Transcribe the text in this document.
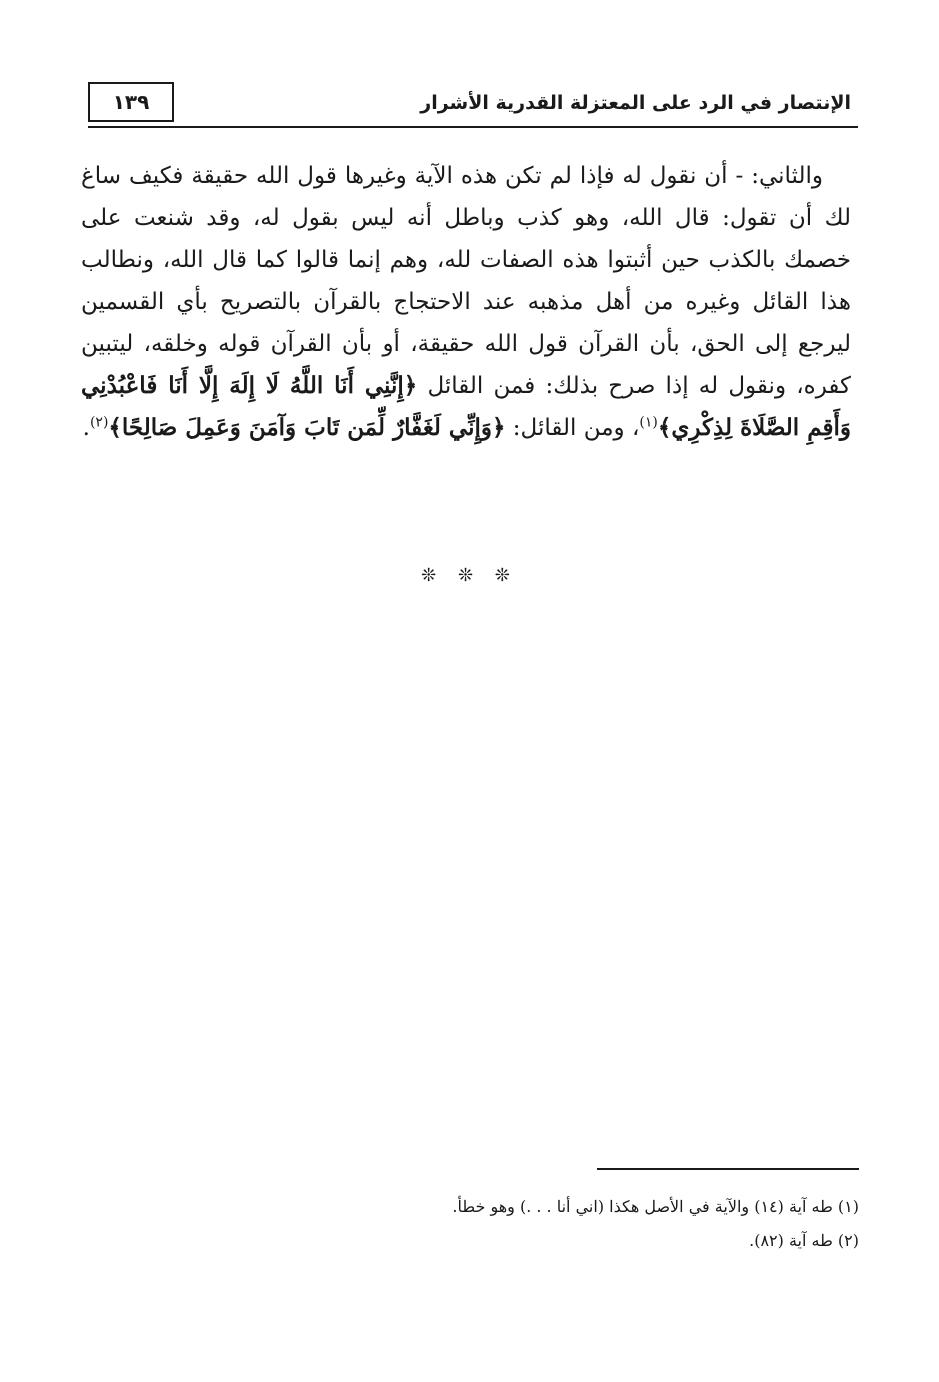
الإنتصار في الرد على المعتزلة القدرية الأشرار
١٣٩

والثاني: - أن نقول له فإذا لم تكن هذه الآية وغيرها قول الله حقيقة فكيف ساغ لك أن تقول: قال الله، وهو كذب وباطل أنه ليس بقول له، وقد شنعت على خصمك بالكذب حين أثبتوا هذه الصفات لله، وهم إنما قالوا كما قال الله، ونطالب هذا القائل وغيره من أهل مذهبه عند الاحتجاج بالقرآن بالتصريح بأي القسمين ليرجع إلى الحق، بأن القرآن قول الله حقيقة، أو بأن القرآن قوله وخلقه، ليتبين كفره، ونقول له إذا صرح بذلك: فمن القائل ﴿إِنَّنِي أَنَا اللَّهُ لَا إِلَهَ إِلَّا أَنَا فَاعْبُدْنِي وَأَقِمِ الصَّلَاةَ لِذِكْرِي﴾$^{(١)}$، ومن القائل: ﴿وَإِنِّي لَغَفَّارٌ لِّمَن تَابَ وَآمَنَ وَعَمِلَ صَالِحًا﴾$^{(٢)}$.

❊ ❊ ❊

(١) طه آية (١٤) والآية في الأصل هكذا (اني أنا . . .) وهو خطأ.

(٢) طه آية (٨٢).
